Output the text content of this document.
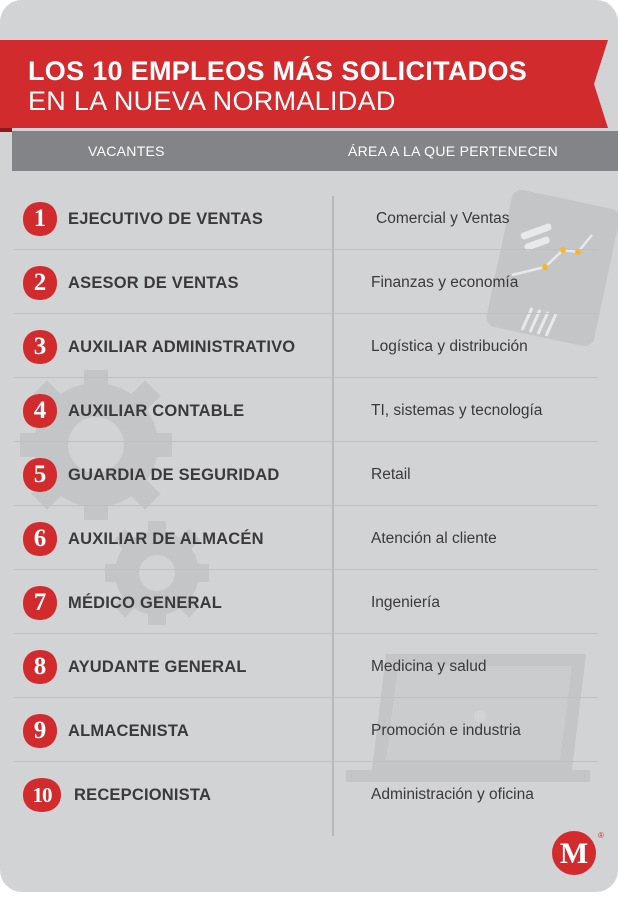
LOS 10 EMPLEOS MÁS SOLICITADOS
EN LA NUEVA NORMALIDAD
VACANTES	ÁREA A LA QUE PERTENECEN
1	EJECUTIVO DE VENTAS	Comercial y Ventas
2	ASESOR DE VENTAS	Finanzas y economía
3	AUXILIAR ADMINISTRATIVO	Logística y distribución
4	AUXILIAR CONTABLE	TI, sistemas y tecnología
5	GUARDIA DE SEGURIDAD	Retail
6	AUXILIAR DE ALMACÉN	Atención al cliente
7	MÉDICO GENERAL	Ingeniería
8	AYUDANTE GENERAL	Medicina y salud
9	ALMACENISTA	Promoción e industria
10	RECEPCIONISTA	Administración y oficina
M
®
